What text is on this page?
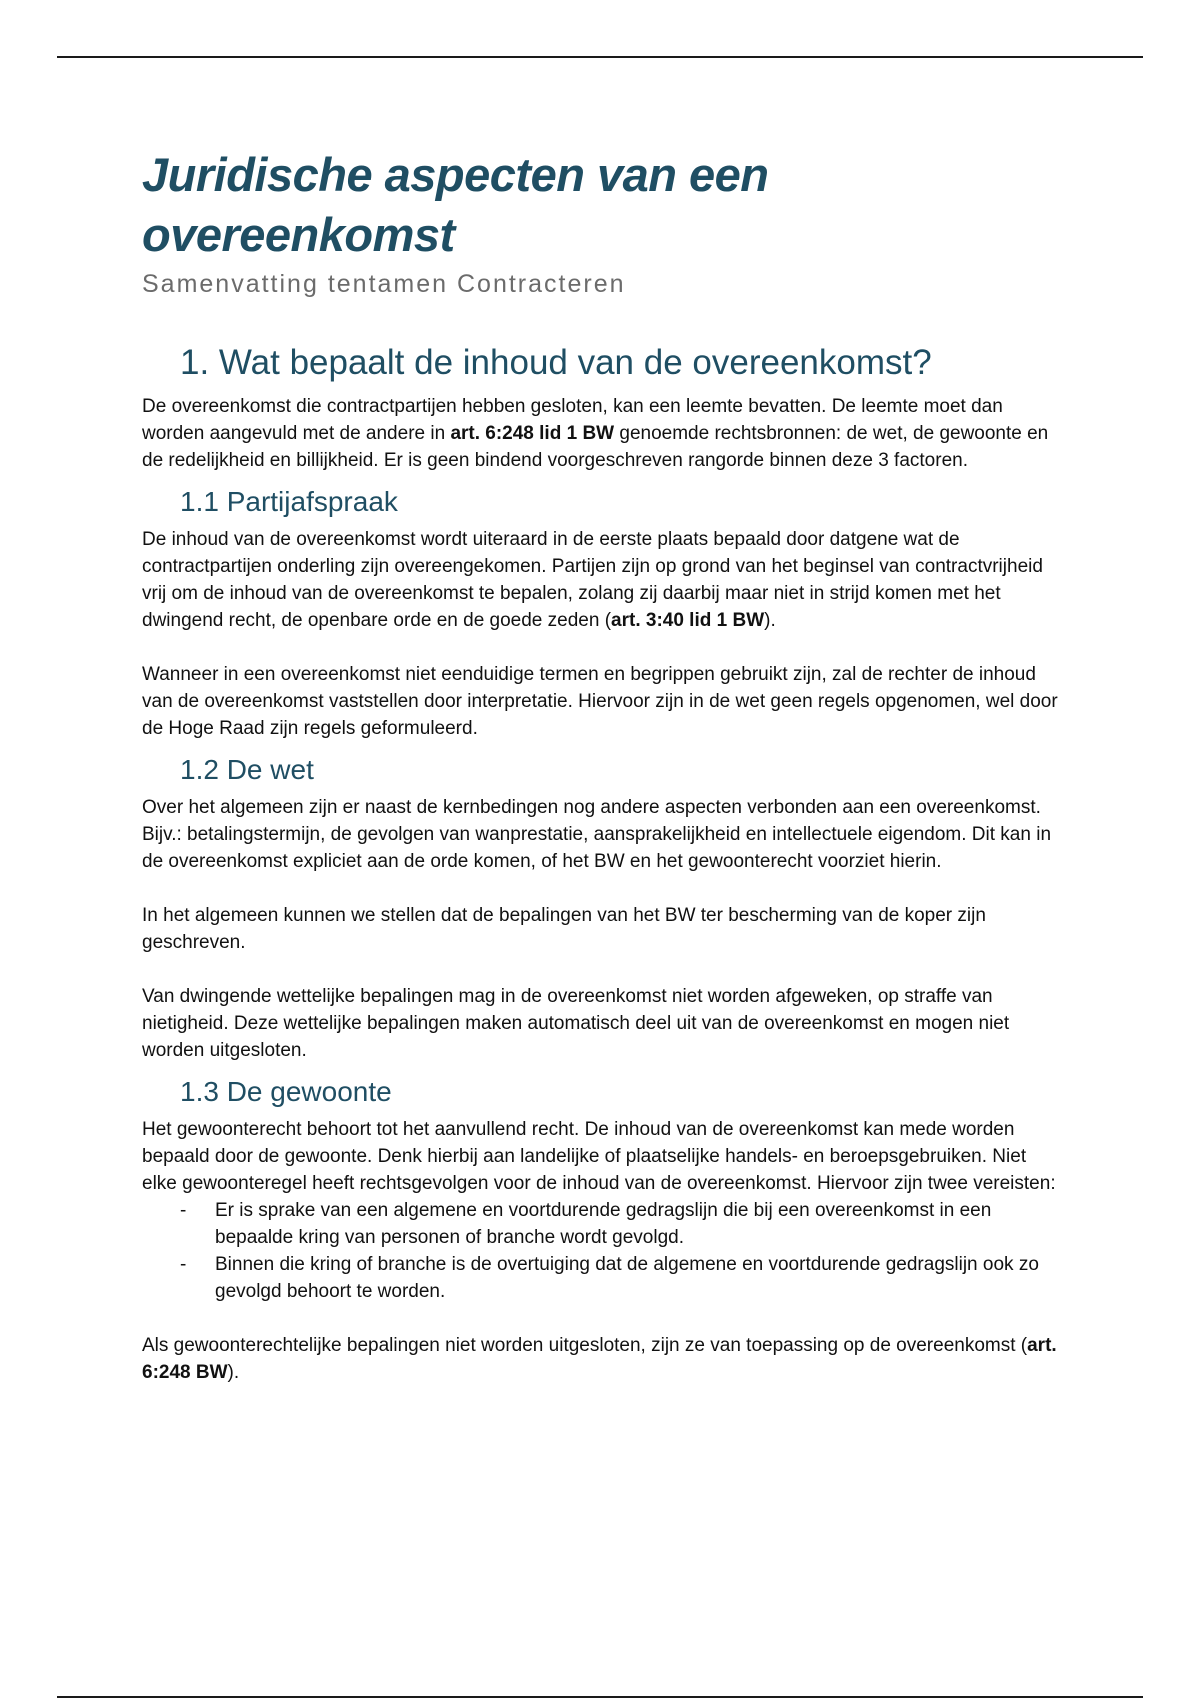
Juridische aspecten van een overeenkomst
Samenvatting tentamen Contracteren
1. Wat bepaalt de inhoud van de overeenkomst?

De overeenkomst die contractpartijen hebben gesloten, kan een leemte bevatten. De leemte moet dan worden aangevuld met de andere in art. 6:248 lid 1 BW genoemde rechtsbronnen: de wet, de gewoonte en de redelijkheid en billijkheid. Er is geen bindend voorgeschreven rangorde binnen deze 3 factoren.

1.1 Partijafspraak

De inhoud van de overeenkomst wordt uiteraard in de eerste plaats bepaald door datgene wat de contractpartijen onderling zijn overeengekomen. Partijen zijn op grond van het beginsel van contractvrijheid vrij om de inhoud van de overeenkomst te bepalen, zolang zij daarbij maar niet in strijd komen met het dwingend recht, de openbare orde en de goede zeden (art. 3:40 lid 1 BW).

Wanneer in een overeenkomst niet eenduidige termen en begrippen gebruikt zijn, zal de rechter de inhoud van de overeenkomst vaststellen door interpretatie. Hiervoor zijn in de wet geen regels opgenomen, wel door de Hoge Raad zijn regels geformuleerd.

1.2 De wet

Over het algemeen zijn er naast de kernbedingen nog andere aspecten verbonden aan een overeenkomst. Bijv.: betalingstermijn, de gevolgen van wanprestatie, aansprakelijkheid en intellectuele eigendom. Dit kan in de overeenkomst expliciet aan de orde komen, of het BW en het gewoonterecht voorziet hierin.

In het algemeen kunnen we stellen dat de bepalingen van het BW ter bescherming van de koper zijn geschreven.

Van dwingende wettelijke bepalingen mag in de overeenkomst niet worden afgeweken, op straffe van nietigheid. Deze wettelijke bepalingen maken automatisch deel uit van de overeenkomst en mogen niet worden uitgesloten.

1.3 De gewoonte

Het gewoonterecht behoort tot het aanvullend recht. De inhoud van de overeenkomst kan mede worden bepaald door de gewoonte. Denk hierbij aan landelijke of plaatselijke handels- en beroepsgebruiken. Niet elke gewoonteregel heeft rechtsgevolgen voor de inhoud van de overeenkomst. Hiervoor zijn twee vereisten:

- Er is sprake van een algemene en voortdurende gedragslijn die bij een overeenkomst in een bepaalde kring van personen of branche wordt gevolgd.
- Binnen die kring of branche is de overtuiging dat de algemene en voortdurende gedragslijn ook zo gevolgd behoort te worden.

Als gewoonterechtelijke bepalingen niet worden uitgesloten, zijn ze van toepassing op de overeenkomst (art. 6:248 BW).
